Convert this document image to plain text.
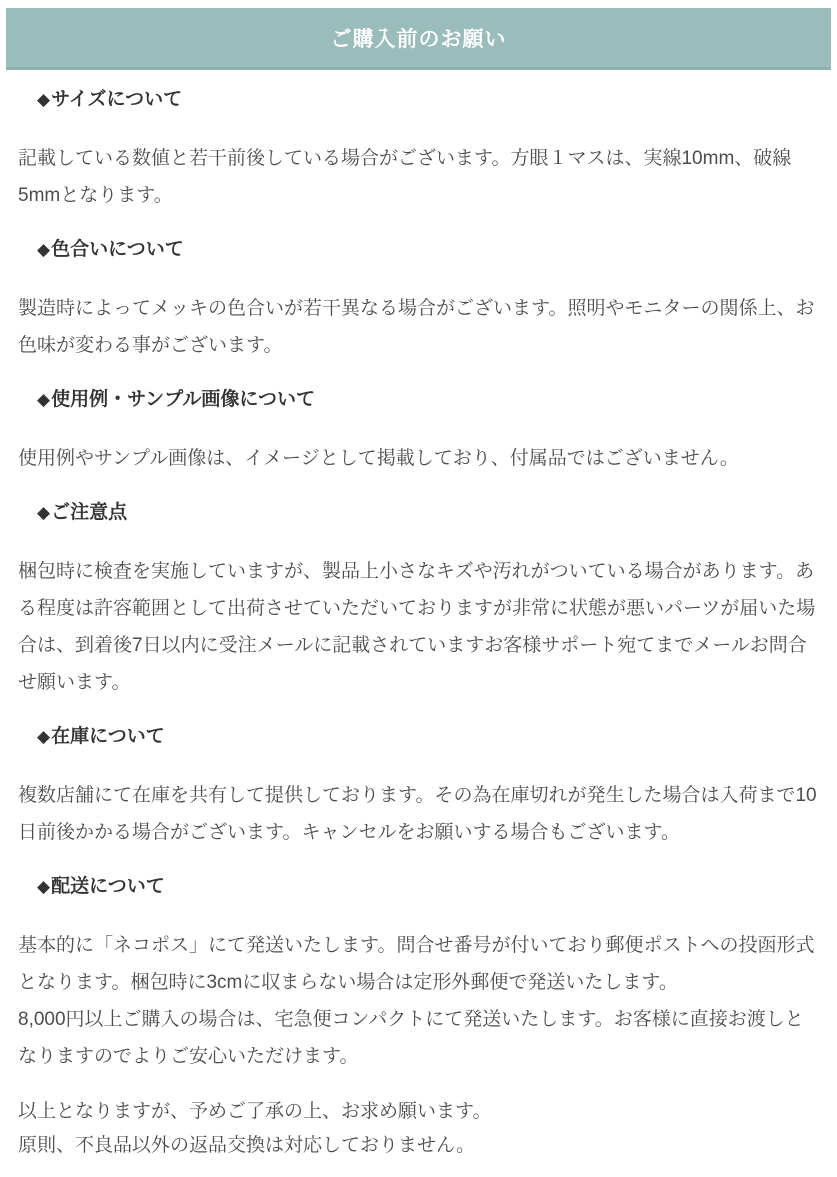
ご購入前のお願い
◆ サイズについて
記載している数値と若干前後している場合がございます。方眼１マスは、実線10mm、破線5mmとなります。
◆ 色合いについて
製造時によってメッキの色合いが若干異なる場合がございます。照明やモニターの関係上、お色味が変わる事がございます。
◆ 使用例・サンプル画像について
使用例やサンプル画像は、イメージとして掲載しており、付属品ではございません。
◆ ご注意点
梱包時に検査を実施していますが、製品上小さなキズや汚れがついている場合があります。ある程度は許容範囲として出荷させていただいておりますが非常に状態が悪いパーツが届いた場合は、到着後7日以内に受注メールに記載されていますお客様サポート宛てまでメールお問合せ願います。
◆ 在庫について
複数店舗にて在庫を共有して提供しております。その為在庫切れが発生した場合は入荷まで10日前後かかる場合がございます。キャンセルをお願いする場合もございます。
◆ 配送について
基本的に「ネコポス」にて発送いたします。問合せ番号が付いており郵便ポストへの投函形式となります。梱包時に3cmに収まらない場合は定形外郵便で発送いたします。
8,000円以上ご購入の場合は、宅急便コンパクトにて発送いたします。お客様に直接お渡しとなりますのでよりご安心いただけます。
以上となりますが、予めご了承の上、お求め願います。
原則、不良品以外の返品交換は対応しておりません。
